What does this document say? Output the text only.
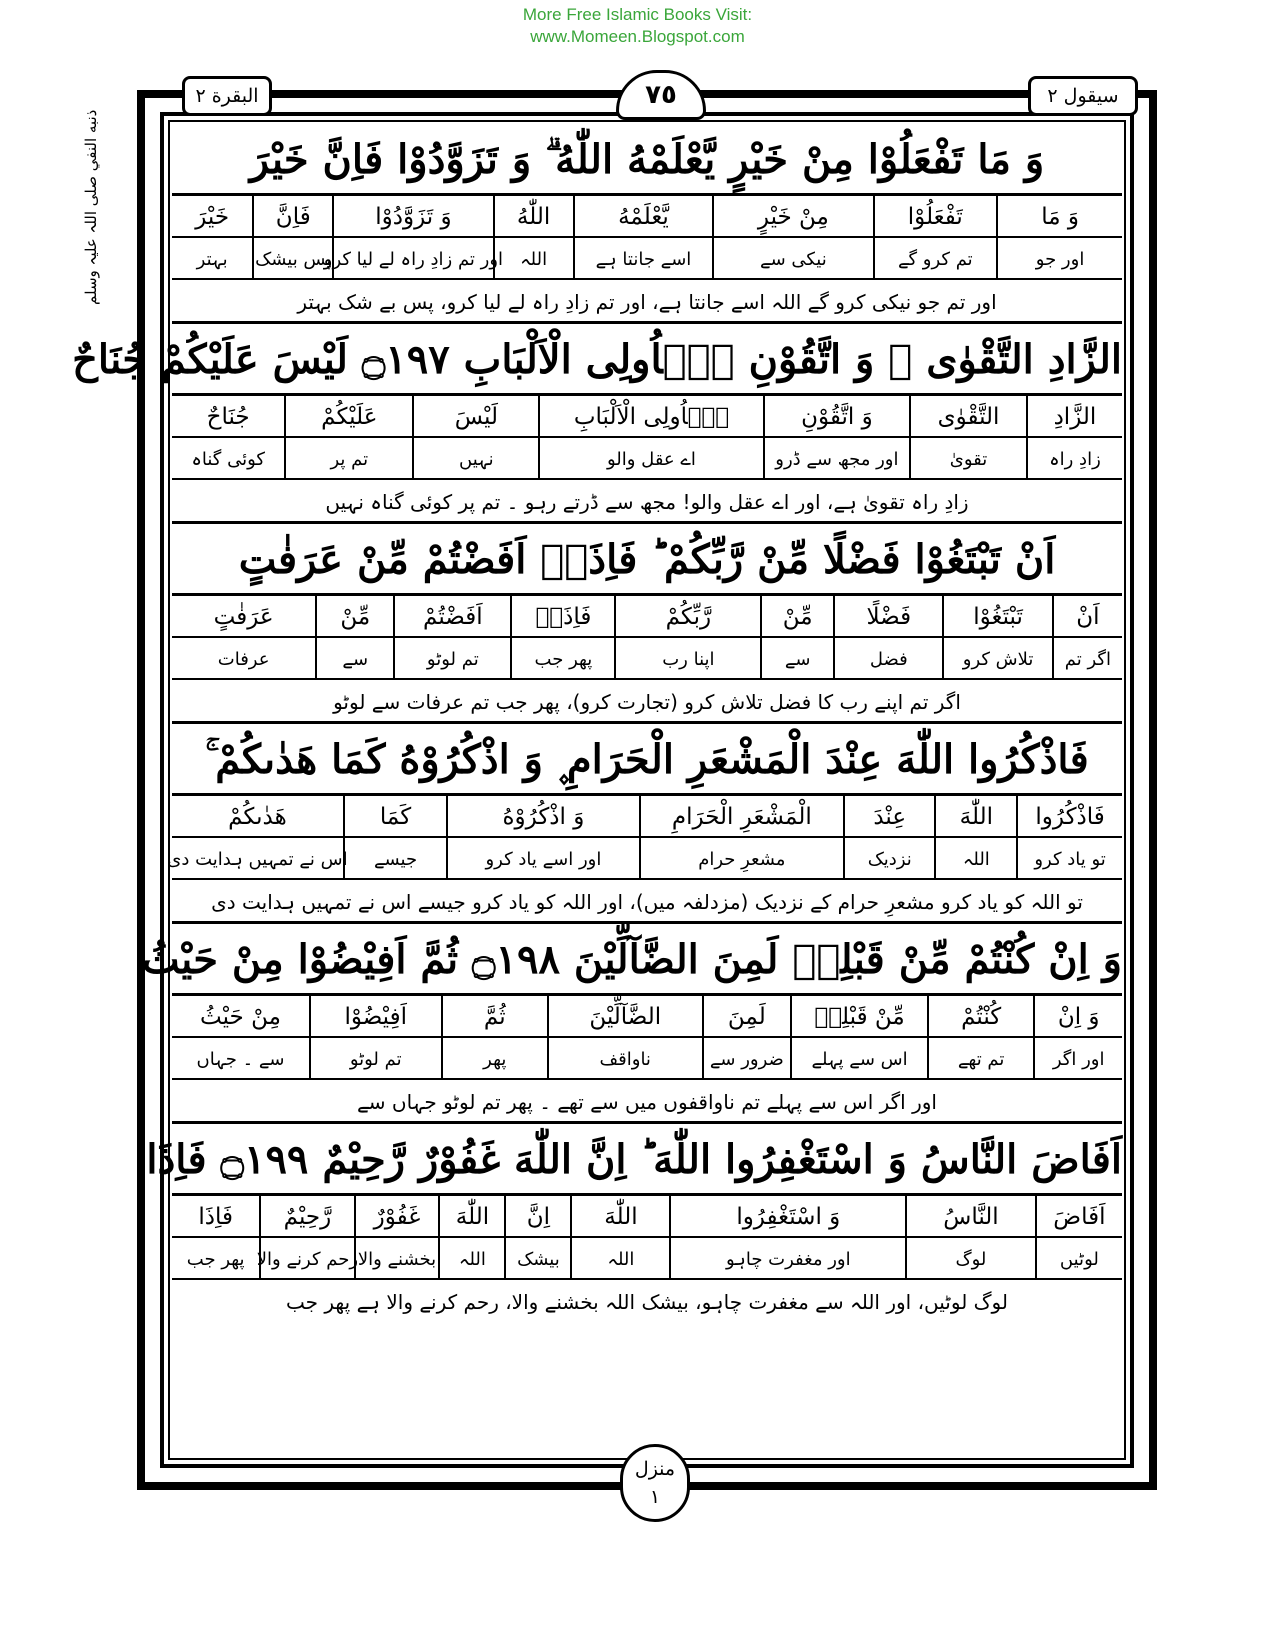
More Free Islamic Books Visit:
www.Momeen.Blogspot.com
ذنبه النفي صلی اللہ علیہ وسلم
البقرة ٢	٧٥	سیقول ٢
وَ مَا تَفْعَلُوْا مِنْ خَيْرٍ يَّعْلَمْهُ اللّٰهُ ۗ وَ تَزَوَّدُوْا فَاِنَّ خَيْرَ
وَ مَا
تَفْعَلُوْا
مِنْ خَيْرٍ
يَّعْلَمْهُ
اللّٰهُ
وَ تَزَوَّدُوْا
فَاِنَّ
خَيْرَ
اور جو
تم کرو گے
نیکی سے
اسے جانتا ہے
اللہ
اور تم زادِ راہ لے لیا کرو
پس بیشک
بہتر
اور تم جو نیکی کرو گے اللہ اسے جانتا ہے، اور تم زادِ راہ لے لیا کرو، پس بے شک بہتر
الزَّادِ التَّقْوٰى ۫ وَ اتَّقُوْنِ يٰۤاُولِى الْاَلْبَابِ ۝١٩٧ لَيْسَ عَلَيْكُمْ جُنَاحٌ
الزَّادِ
التَّقْوٰى
وَ اتَّقُوْنِ
يٰۤاُولِى الْاَلْبَابِ
لَيْسَ
عَلَيْكُمْ
جُنَاحٌ
زادِ راہ
تقویٰ
اور مجھ سے ڈرو
اے عقل والو
نہیں
تم پر
کوئی گناہ
زادِ راہ تقویٰ ہے، اور اے عقل والو! مجھ سے ڈرتے رہو ۔ تم پر کوئی گناہ نہیں
اَنْ تَبْتَغُوْا فَضْلًا مِّنْ رَّبِّكُمْ ؕ فَاِذَاۤ اَفَضْتُمْ مِّنْ عَرَفٰتٍ
اَنْ
تَبْتَغُوْا
فَضْلًا
مِّنْ
رَّبِّكُمْ
فَاِذَاۤ
اَفَضْتُمْ
مِّنْ
عَرَفٰتٍ
اگر تم
تلاش کرو
فضل
سے
اپنا رب
پھر جب
تم لوٹو
سے
عرفات
اگر تم اپنے رب کا فضل تلاش کرو (تجارت کرو)، پھر جب تم عرفات سے لوٹو
فَاذْكُرُوا اللّٰهَ عِنْدَ الْمَشْعَرِ الْحَرَامِ ۪ وَ اذْكُرُوْهُ كَمَا هَدٰىكُمْ ۚ
فَاذْكُرُوا
اللّٰهَ
عِنْدَ
الْمَشْعَرِ الْحَرَامِ
وَ اذْكُرُوْهُ
كَمَا
هَدٰىكُمْ
تو یاد کرو
اللہ
نزدیک
مشعرِ حرام
اور اسے یاد کرو
جیسے
اس نے تمہیں ہدایت دی
تو اللہ کو یاد کرو مشعرِ حرام کے نزدیک (مزدلفہ میں)، اور اللہ کو یاد کرو جیسے اس نے تمہیں ہدایت دی
وَ اِنْ كُنْتُمْ مِّنْ قَبْلِهٖ لَمِنَ الضَّآلِّيْنَ ۝١٩٨ ثُمَّ اَفِيْضُوْا مِنْ حَيْثُ
وَ اِنْ
كُنْتُمْ
مِّنْ قَبْلِهٖ
لَمِنَ
الضَّآلِّيْنَ
ثُمَّ
اَفِيْضُوْا
مِنْ حَيْثُ
اور اگر
تم تھے
اس سے پہلے
ضرور سے
ناواقف
پھر
تم لوٹو
سے ۔ جہاں
اور اگر اس سے پہلے تم ناواقفوں میں سے تھے ۔ پھر تم لوٹو جہاں سے
اَفَاضَ النَّاسُ وَ اسْتَغْفِرُوا اللّٰهَ ؕ اِنَّ اللّٰهَ غَفُوْرٌ رَّحِيْمٌ ۝١٩٩ فَاِذَا
اَفَاضَ
النَّاسُ
وَ اسْتَغْفِرُوا
اللّٰهَ
اِنَّ
اللّٰهَ
غَفُوْرٌ
رَّحِيْمٌ
فَاِذَا
لوٹیں
لوگ
اور مغفرت چاہو
اللہ
بیشک
اللہ
بخشنے والا
رحم کرنے والا
پھر جب
لوگ لوٹیں، اور اللہ سے مغفرت چاہو، بیشک اللہ بخشنے والا، رحم کرنے والا ہے پھر جب
منزل
١
